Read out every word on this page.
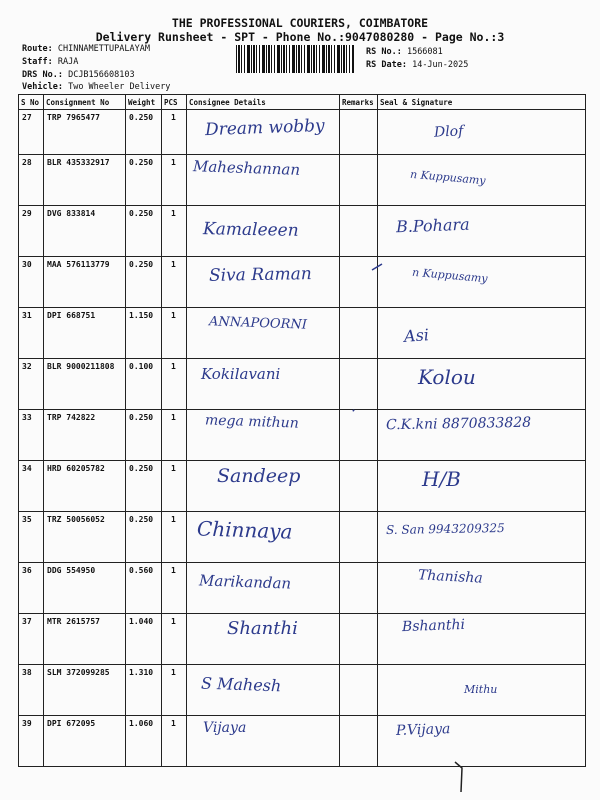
THE PROFESSIONAL COURIERS, COIMBATORE
Delivery Runsheet - SPT - Phone No.:9047080280 - Page No.:3
Route: CHINNAMETTUPALAYAM
Staff: RAJA
DRS No.: DCJB156608103
Vehicle: Two Wheeler Delivery
RS No.: 1566081
RS Date: 14-Jun-2025
S No	Consignment No	Weight	PCS	Consignee Details	Remarks	Seal & Signature
27	TRP 7965477	0.250	1	Dream wobby		Dlof

28	BLR 435332917	0.250	1	Maheshannan		n Kuppusamy

29	DVG 833814	0.250	1	Kamaleeen		B.Pohara

30	MAA 576113779	0.250	1	Siva Raman		n Kuppusamy

31	DPI 668751	1.150	1	ANNAPOORNI		Asi

32	BLR 9000211808	0.100	1	Kokilavani		Kolou

33	TRP 742822	0.250	1	mega mithun		C.K.kni 8870833828

34	HRD 60205782	0.250	1	Sandeep		H/B

35	TRZ 50056052	0.250	1	Chinnaya		S. San 9943209325

36	DDG 554950	0.560	1	Marikandan		Thanisha

37	MTR 2615757	1.040	1	Shanthi		Bshanthi

38	SLM 372099285	1.310	1	S Mahesh		Mithu

39	DPI 672095	1.060	1	Vijaya		P.Vijaya
